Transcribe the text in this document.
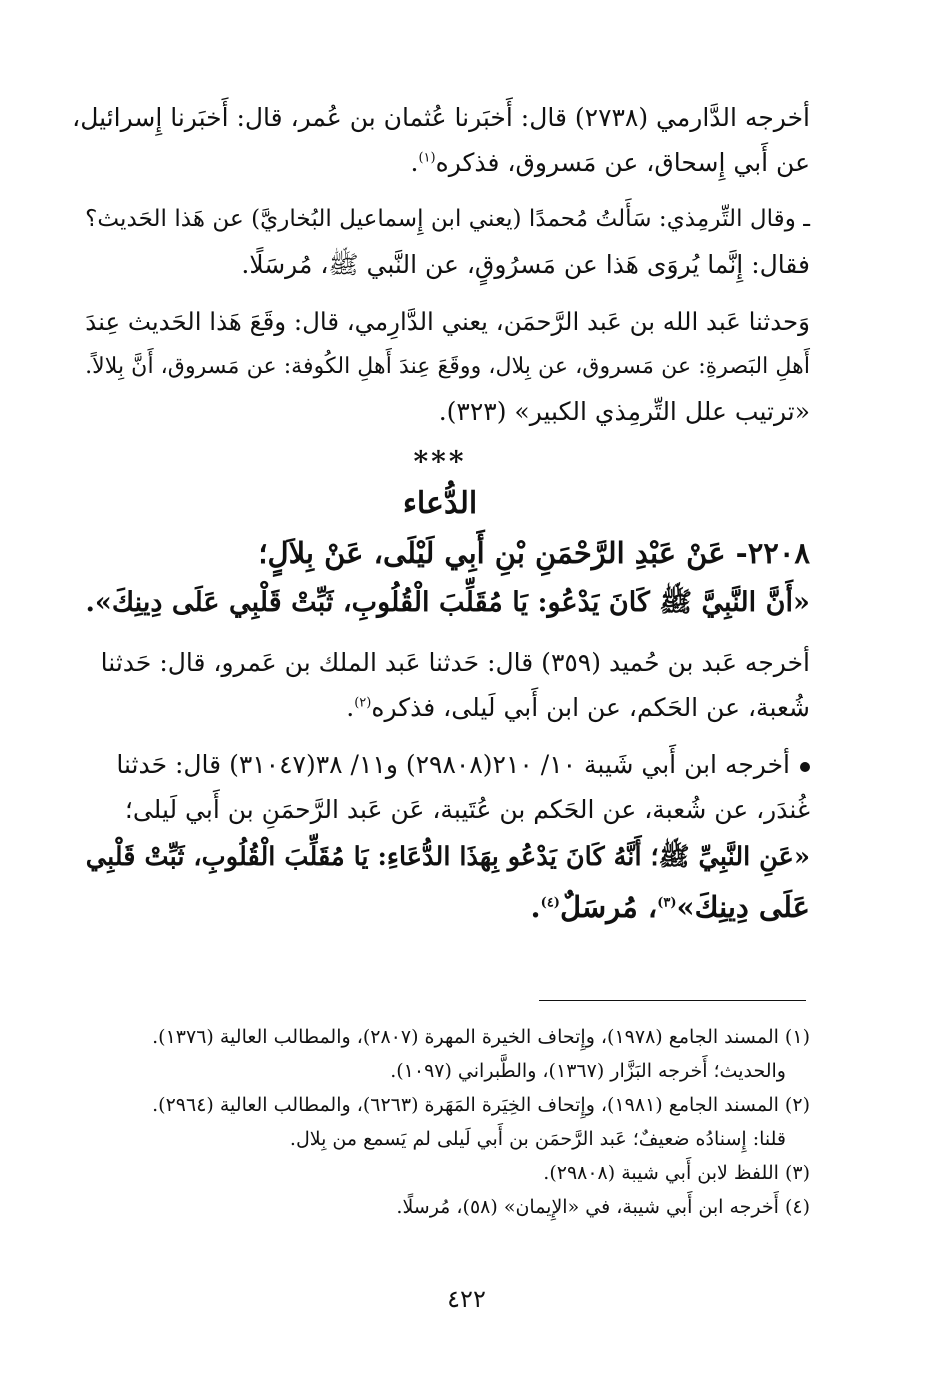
أخرجه الدَّارمي (٢٧٣٨) قال: أَخبَرنا عُثمان بن عُمر، قال: أَخبَرنا إِسرائيل،
عن أَبي إِسحاق، عن مَسروق، فذكره$^{(١)}$.
ـ وقال التِّرمِذي: سَأَلتُ مُحمدًا (يعني ابن إِسماعيل البُخاريَّ) عن هَذا الحَديث؟
فقال: إِنَّما يُروَى هَذا عن مَسرُوقٍ، عن النَّبي ﷺ، مُرسَلًا.
وَحدثنا عَبد الله بن عَبد الرَّحمَن، يعني الدَّارِمي، قال: وقَعَ هَذا الحَديث عِندَ
أَهلِ البَصرةِ: عن مَسروق، عن بِلال، ووقَعَ عِندَ أَهلِ الكُوفة: عن مَسروق، أَنَّ بِلالاً.
«ترتيب علل التِّرمِذي الكبير» (٣٢٣).
***
الدُّعاء
٢٢٠٨- عَنْ عَبْدِ الرَّحْمَنِ بْنِ أَبِي لَيْلَى، عَنْ بِلاَلٍ؛
«أَنَّ النَّبِيَّ ﷺ كَانَ يَدْعُو: يَا مُقَلِّبَ الْقُلُوبِ، ثَبِّتْ قَلْبِي عَلَى دِينِكَ».
أخرجه عَبد بن حُميد (٣٥٩) قال: حَدثنا عَبد الملك بن عَمرو، قال: حَدثنا
شُعبة، عن الحَكم، عن ابن أَبي لَيلى، فذكره$^{(٢)}$.
أخرجه ابن أَبي شَيبة ١٠/ ٢١٠(٢٩٨٠٨) و١١/ ٣٨(٣١٠٤٧) قال: حَدثنا
غُندَر، عن شُعبة، عن الحَكم بن عُتَيبة، عَن عَبد الرَّحمَنِ بن أَبي لَيلى؛
«عَنِ النَّبِيِّ ﷺ؛ أَنَّهُ كَانَ يَدْعُو بِهَذَا الدُّعَاءِ: يَا مُقَلِّبَ الْقُلُوبِ، ثَبِّتْ قَلْبِي
عَلَى دِينِكَ»$^{(٣)}$، مُرسَلٌ$^{(٤)}$.
(١) المسند الجامع (١٩٧٨)، وإِتحاف الخيرة المهرة (٢٨٠٧)، والمطالب العالية (١٣٧٦).
والحديث؛ أَخرجه البَزَّار (١٣٦٧)، والطَّبراني (١٠٩٧).
(٢) المسند الجامع (١٩٨١)، وإِتحاف الخِيَرة المَهَرة (٦٢٦٣)، والمطالب العالية (٢٩٦٤).
قلنا: إِسنادُه ضعيفٌ؛ عَبد الرَّحمَن بن أَبي لَيلى لم يَسمع من بِلال.
(٣) اللفظ لابن أَبي شيبة (٢٩٨٠٨).
(٤) أَخرجه ابن أَبي شيبة، في «الإِيمان» (٥٨)، مُرسلًا.
٤٢٢
